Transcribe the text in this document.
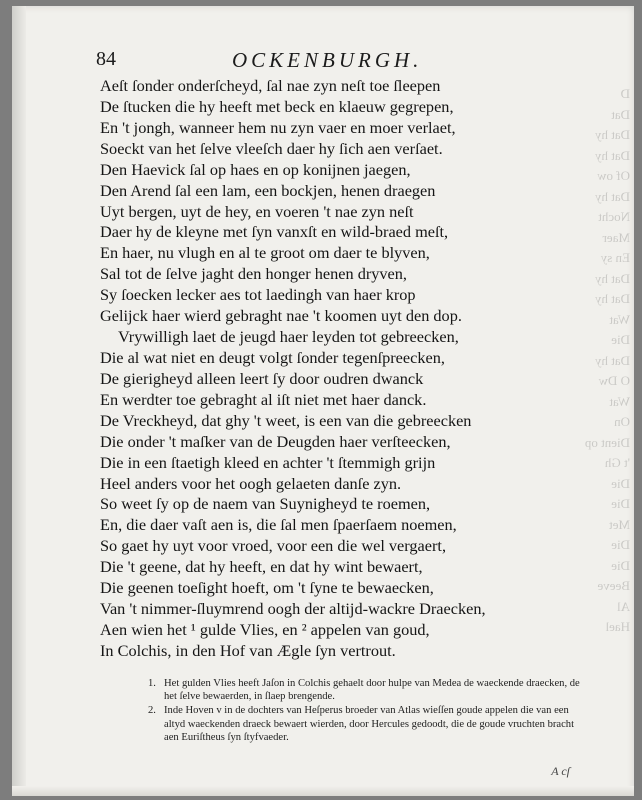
D
Dat
Dat hy
Dat hy
Of ow
Dat hy
Nocht
Maer
En sy
Dat hy
Dat hy
Wat
Die
Dat hy
O Dw
Wat
On
Dient op
't Gh
Die
Die
Met
Die
Die
Beeve
Al
Hael
84	OCKENBURGH.
Aeſt ſonder onderſcheyd, ſal nae zyn neſt toe ſleepen
De ſtucken die hy heeft met beck en klaeuw gegrepen,
En 't jongh, wanneer hem nu zyn vaer en moer verlaet,
Soeckt van het ſelve vleeſch daer hy ſich aen verſaet.
Den Haevick ſal op haes en op konijnen jaegen,
Den Arend ſal een lam, een bockjen, henen draegen
Uyt bergen, uyt de hey, en voeren 't nae zyn neſt
Daer hy de kleyne met ſyn vanxſt en wild-braed meſt,
En haer, nu vlugh en al te groot om daer te blyven,
Sal tot de ſelve jaght den honger henen dryven,
Sy ſoecken lecker aes tot laedingh van haer krop
Gelijck haer wierd gebraght nae 't koomen uyt den dop.
Vrywilligh laet de jeugd haer leyden tot gebreecken,
Die al wat niet en deugt volgt ſonder tegenſpreecken,
De gierigheyd alleen leert ſy door oudren dwanck
En werdter toe gebraght al iſt niet met haer danck.
De Vreckheyd, dat ghy 't weet, is een van die gebreecken
Die onder 't maſker van de Deugden haer verſteecken,
Die in een ſtaetigh kleed en achter 't ſtemmigh grijn
Heel anders voor het oogh gelaeten danſe zyn.
So weet ſy op de naem van Suynigheyd te roemen,
En, die daer vaſt aen is, die ſal men ſpaerſaem noemen,
So gaet hy uyt voor vroed, voor een die wel vergaert,
Die 't geene, dat hy heeft, en dat hy wint bewaert,
Die geenen toeſight hoeft, om 't ſyne te bewaecken,
Van 't nimmer-ſluymrend oogh der altijd-wackre Draecken,
Aen wien het ¹ gulde Vlies, en ² appelen van goud,
In Colchis, in den Hof van Ægle ſyn vertrout.
1. Het gulden Vlies heeft Jaſon in Colchis gehaelt door hulpe van Medea de waeckende draecken, de het ſelve bewaerden, in ſlaep brengende.
2. Inde Hoven v in de dochters van Heſperus broeder van Atlas wieſſen goude appelen die van een altyd waeckenden draeck bewaert wierden, door Hercules gedoodt, die de goude vruchten bracht aen Euriſtheus ſyn ſtyfvaeder.
A cſ
